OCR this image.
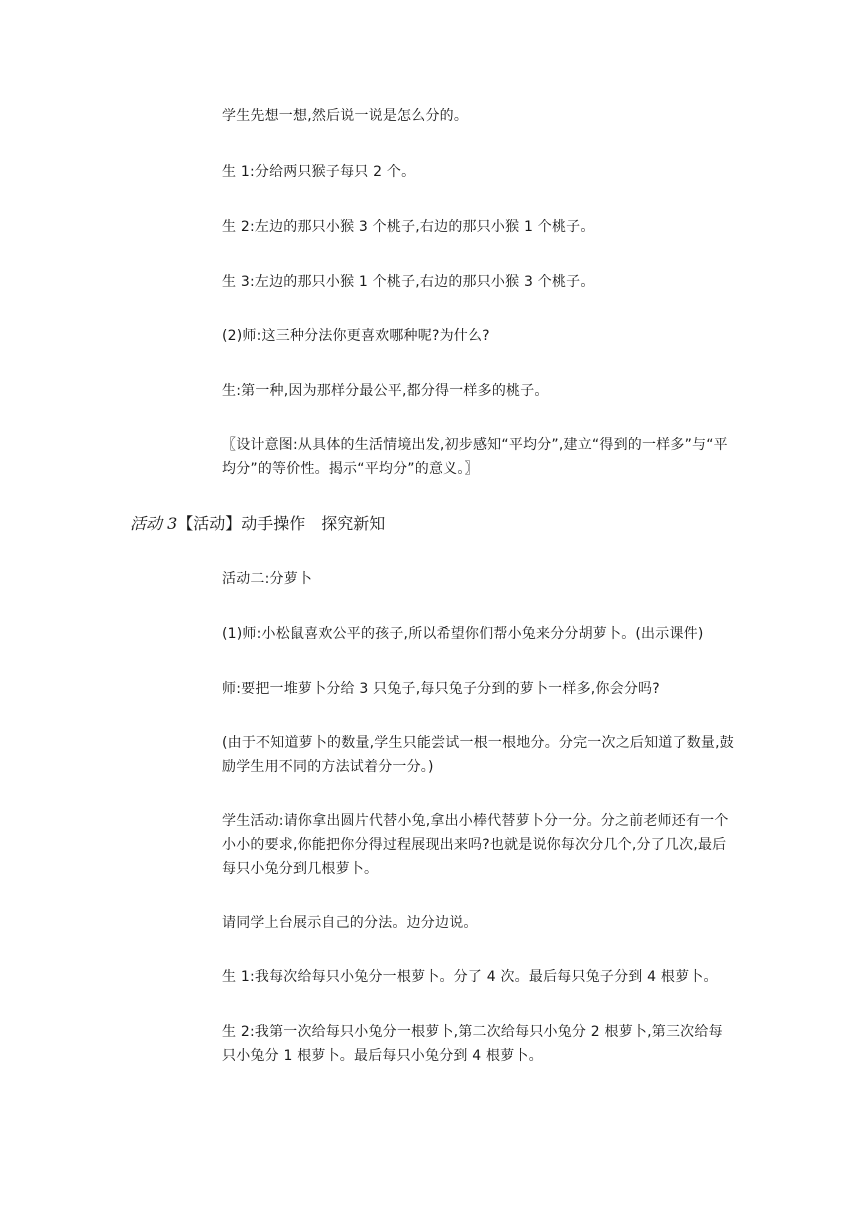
学生先想一想,然后说一说是怎么分的。

生 1:分给两只猴子每只 2 个。

生 2:左边的那只小猴 3 个桃子,右边的那只小猴 1 个桃子。

生 3:左边的那只小猴 1 个桃子,右边的那只小猴 3 个桃子。

(2)师:这三种分法你更喜欢哪种呢?为什么?

生:第一种,因为那样分最公平,都分得一样多的桃子。

〖设计意图:从具体的生活情境出发,初步感知“平均分”,建立“得到的一样多”与“平均分”的等价性。揭示“平均分”的意义。〗

活动 3【活动】动手操作　探究新知

活动二:分萝卜

(1)师:小松鼠喜欢公平的孩子,所以希望你们帮小兔来分分胡萝卜。(出示课件)

师:要把一堆萝卜分给 3 只兔子,每只兔子分到的萝卜一样多,你会分吗?

(由于不知道萝卜的数量,学生只能尝试一根一根地分。分完一次之后知道了数量,鼓励学生用不同的方法试着分一分。)

学生活动:请你拿出圆片代替小兔,拿出小棒代替萝卜分一分。分之前老师还有一个小小的要求,你能把你分得过程展现出来吗?也就是说你每次分几个,分了几次,最后每只小兔分到几根萝卜。

请同学上台展示自己的分法。边分边说。

生 1:我每次给每只小兔分一根萝卜。分了 4 次。最后每只兔子分到 4 根萝卜。

生 2:我第一次给每只小兔分一根萝卜,第二次给每只小兔分 2 根萝卜,第三次给每只小兔分 1 根萝卜。最后每只小兔分到 4 根萝卜。
